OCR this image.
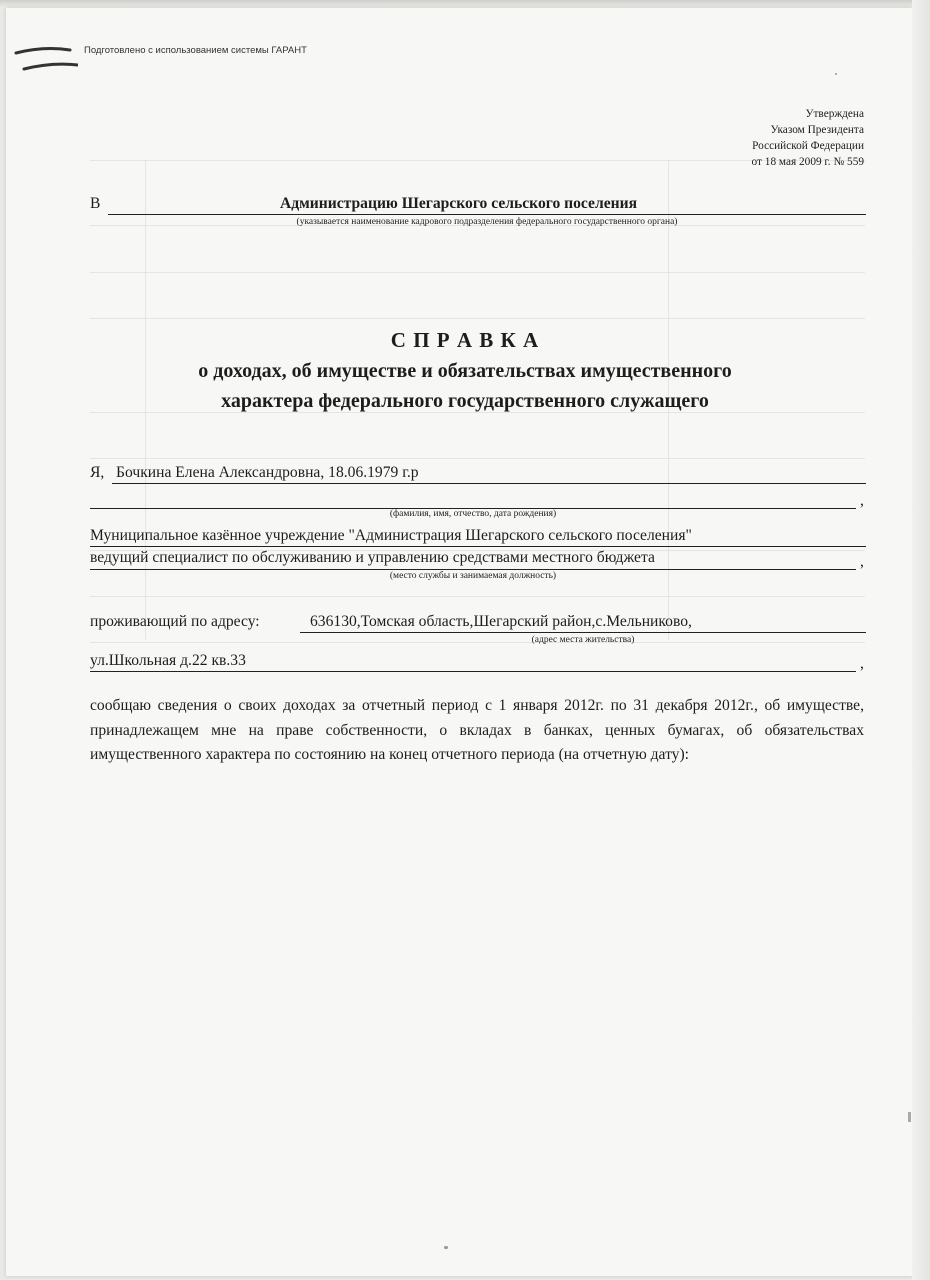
Подготовлено с использованием системы ГАРАНТ
Утверждена
Указом Президента
Российской Федерации
от 18 мая 2009 г. № 559
В	Администрацию Шегарского сельского поселения
(указывается наименование кадрового подразделения федерального государственного органа)
С П Р А В К А
о доходах, об имуществе и обязательствах имущественного
характера федерального государственного служащего
Я, Бочкина Елена Александровна, 18.06.1979 г.р
,
(фамилия, имя, отчество, дата рождения)
Муниципальное казённое учреждение "Администрация Шегарского сельского поселения"
ведущий специалист по обслуживанию и управлению средствами местного бюджета	,
(место службы и занимаемая должность)
проживающий по адресу:	636130,Томская область,Шегарский район,с.Мельниково,
(адрес места жительства)
ул.Школьная д.22 кв.33	,
сообщаю сведения о своих доходах за отчетный период с 1 января 2012г. по 31 декабря 2012г., об имуществе, принадлежащем мне на праве собственности, о вкладах в банках, ценных бумагах, об обязательствах имущественного характера по состоянию на конец отчетного периода (на отчетную дату):
